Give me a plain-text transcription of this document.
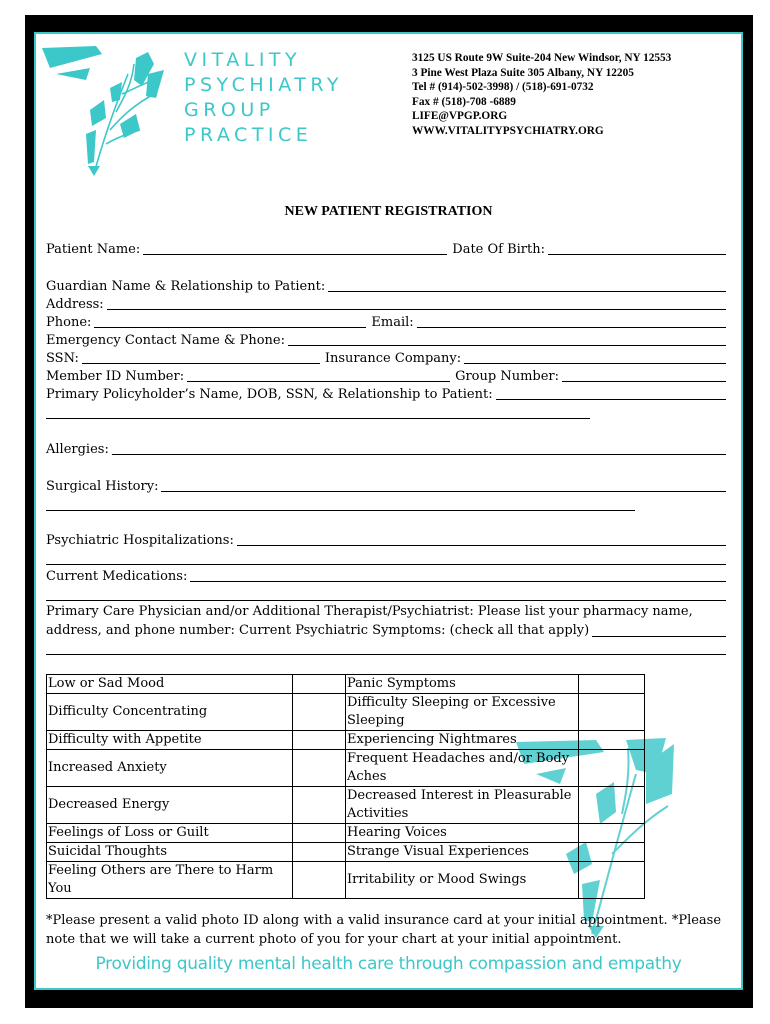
VITALITY
PSYCHIATRY
GROUP
PRACTICE
3125 US Route 9W Suite-204 New Windsor, NY 12553
3 Pine West Plaza Suite 305 Albany, NY 12205
Tel # (914)-502-3998) / (518)-691-0732
Fax # (518)-708 -6889
LIFE@VPGP.ORG
WWW.VITALITYPSYCHIATRY.ORG
NEW PATIENT REGISTRATION
Patient Name:	Date Of Birth:
Guardian Name & Relationship to Patient:
Address:
Phone:	Email:
Emergency Contact Name & Phone:
SSN:	Insurance Company:
Member ID Number:	Group Number:
Primary Policyholder’s Name, DOB, SSN, & Relationship to Patient:
Allergies:
Surgical History:
Psychiatric Hospitalizations:
Current Medications:
Primary Care Physician and/or Additional Therapist/Psychiatrist: Please list your pharmacy name,
address, and phone number: Current Psychiatric Symptoms: (check all that apply)
Low or Sad Mood		Panic Symptoms	
Difficulty Concentrating		Difficulty Sleeping or Excessive Sleeping	
Difficulty with Appetite		Experiencing Nightmares	
Increased Anxiety		Frequent Headaches and/or Body Aches	
Decreased Energy		Decreased Interest in Pleasurable Activities	
Feelings of Loss or Guilt		Hearing Voices	
Suicidal Thoughts		Strange Visual Experiences	
Feeling Others are There to Harm You		Irritability or Mood Swings	
*Please present a valid photo ID along with a valid insurance card at your initial appointment. *Please note that we will take a current photo of you for your chart at your initial appointment.
Providing quality mental health care through compassion and empathy
